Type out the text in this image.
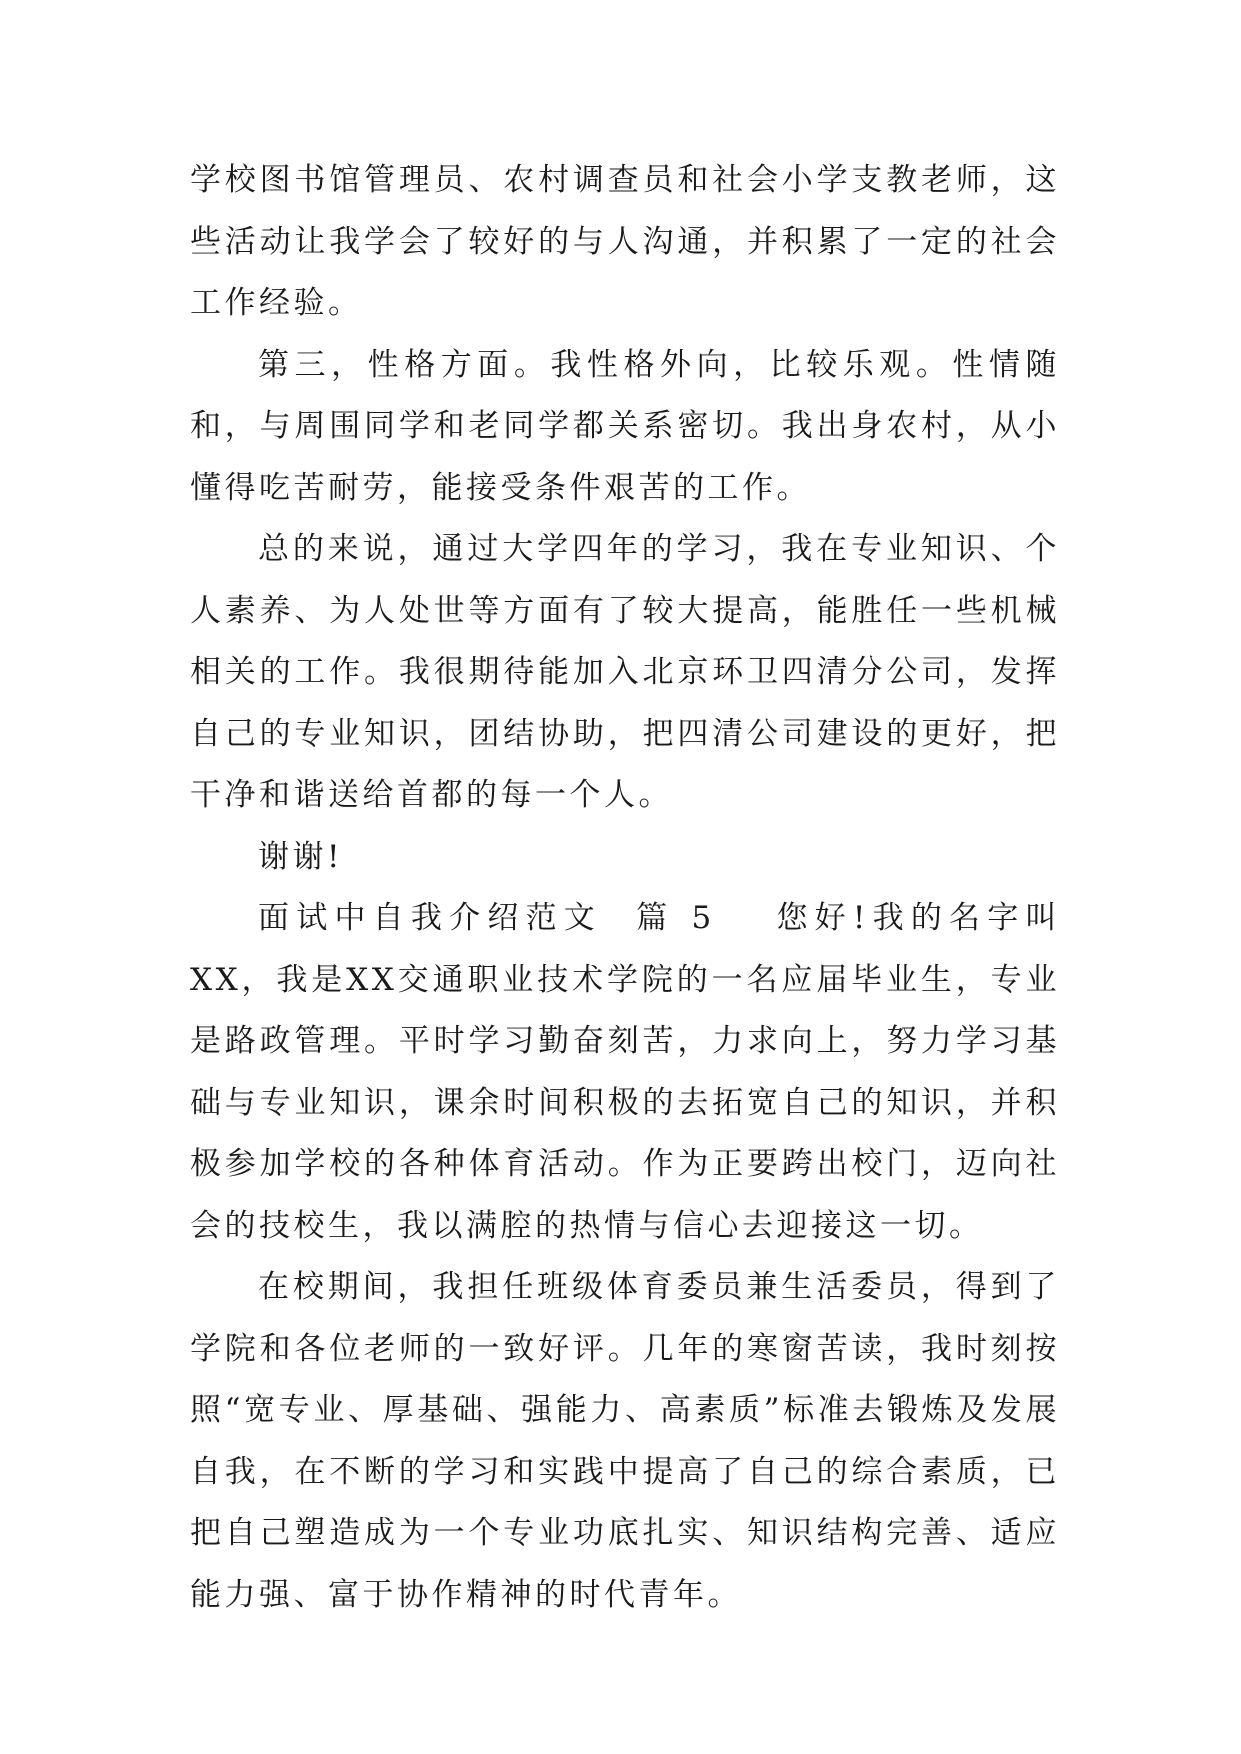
学校图书馆管理员、农村调查员和社会小学支教老师，这些活动让我学会了较好的与人沟通，并积累了一定的社会工作经验。

第三，性格方面。我性格外向，比较乐观。性情随和，与周围同学和老同学都关系密切。我出身农村，从小懂得吃苦耐劳，能接受条件艰苦的工作。

总的来说，通过大学四年的学习，我在专业知识、个人素养、为人处世等方面有了较大提高，能胜任一些机械相关的工作。我很期待能加入北京环卫四清分公司，发挥自己的专业知识，团结协助，把四清公司建设的更好，把干净和谐送给首都的每一个人。

谢谢!

面试中自我介绍范文 篇 5 您好!我的名字叫XX，我是XX交通职业技术学院的一名应届毕业生，专业是路政管理。平时学习勤奋刻苦，力求向上，努力学习基础与专业知识，课余时间积极的去拓宽自己的知识，并积极参加学校的各种体育活动。作为正要跨出校门，迈向社会的技校生，我以满腔的热情与信心去迎接这一切。

在校期间，我担任班级体育委员兼生活委员，得到了学院和各位老师的一致好评。几年的寒窗苦读，我时刻按照“宽专业、厚基础、强能力、高素质”标准去锻炼及发展自我，在不断的学习和实践中提高了自己的综合素质，已把自己塑造成为一个专业功底扎实、知识结构完善、适应能力强、富于协作精神的时代青年。
